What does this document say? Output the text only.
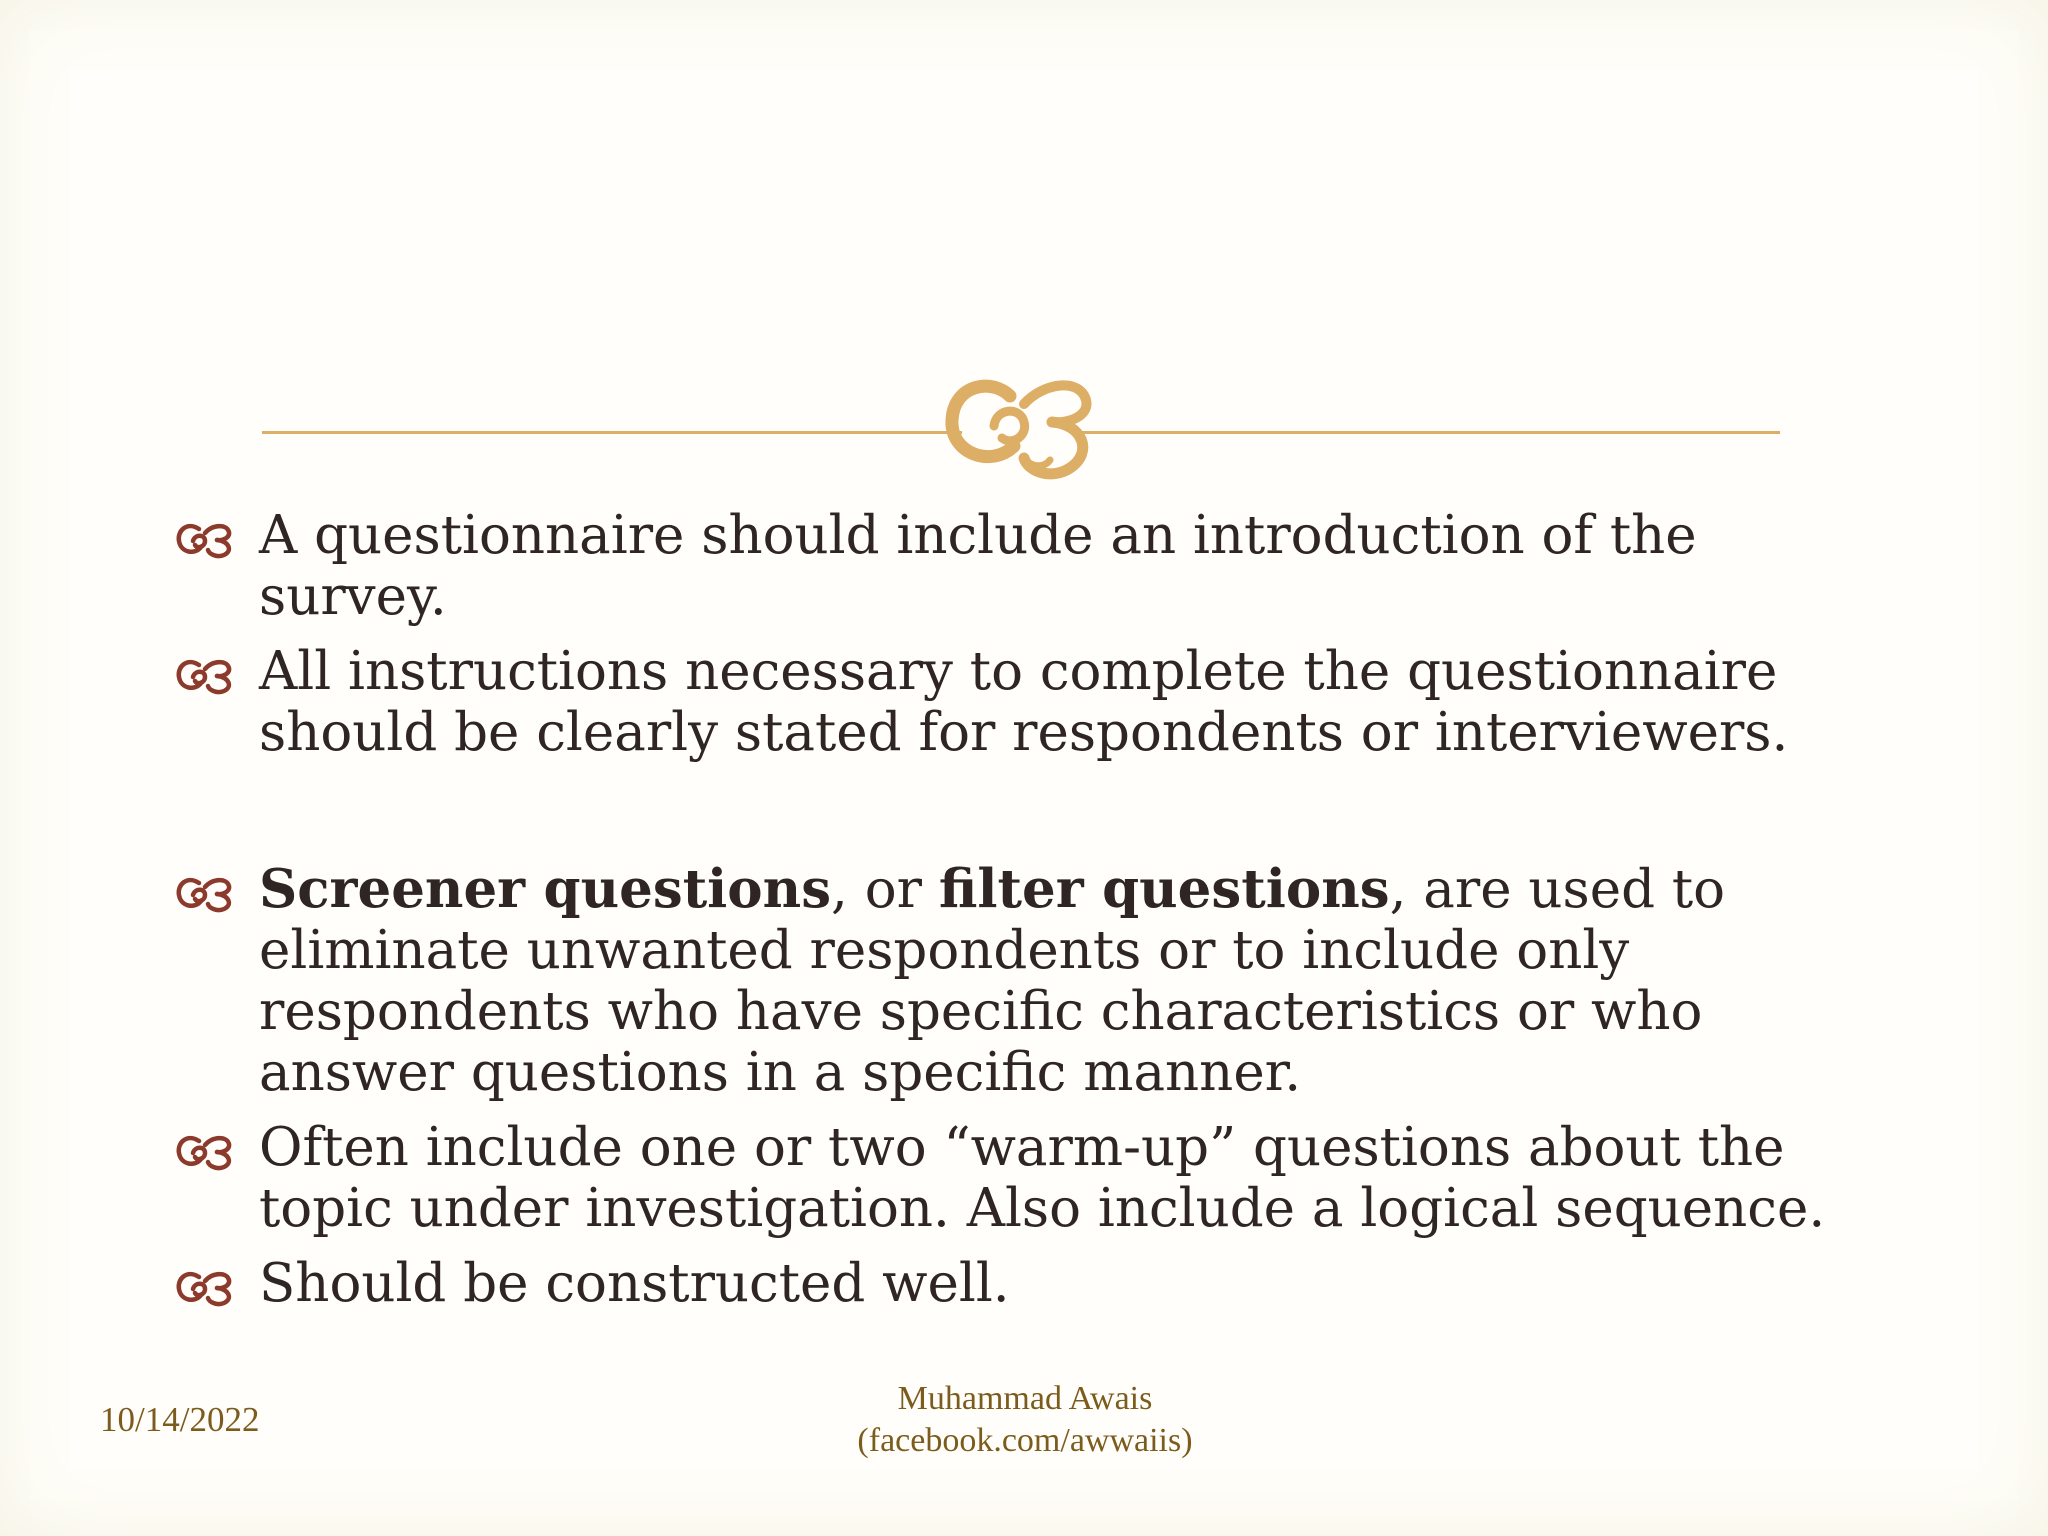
A questionnaire should include an introduction of the
survey.
All instructions necessary to complete the questionnaire
should be clearly stated for respondents or interviewers.
Screener questions, or filter questions, are used to
eliminate unwanted respondents or to include only
respondents who have specific characteristics or who
answer questions in a specific manner.
Often include one or two “warm-up” questions about the
topic under investigation. Also include a logical sequence.
Should be constructed well.
10/14/2022
Muhammad Awais
(facebook.com/awwaiis)
